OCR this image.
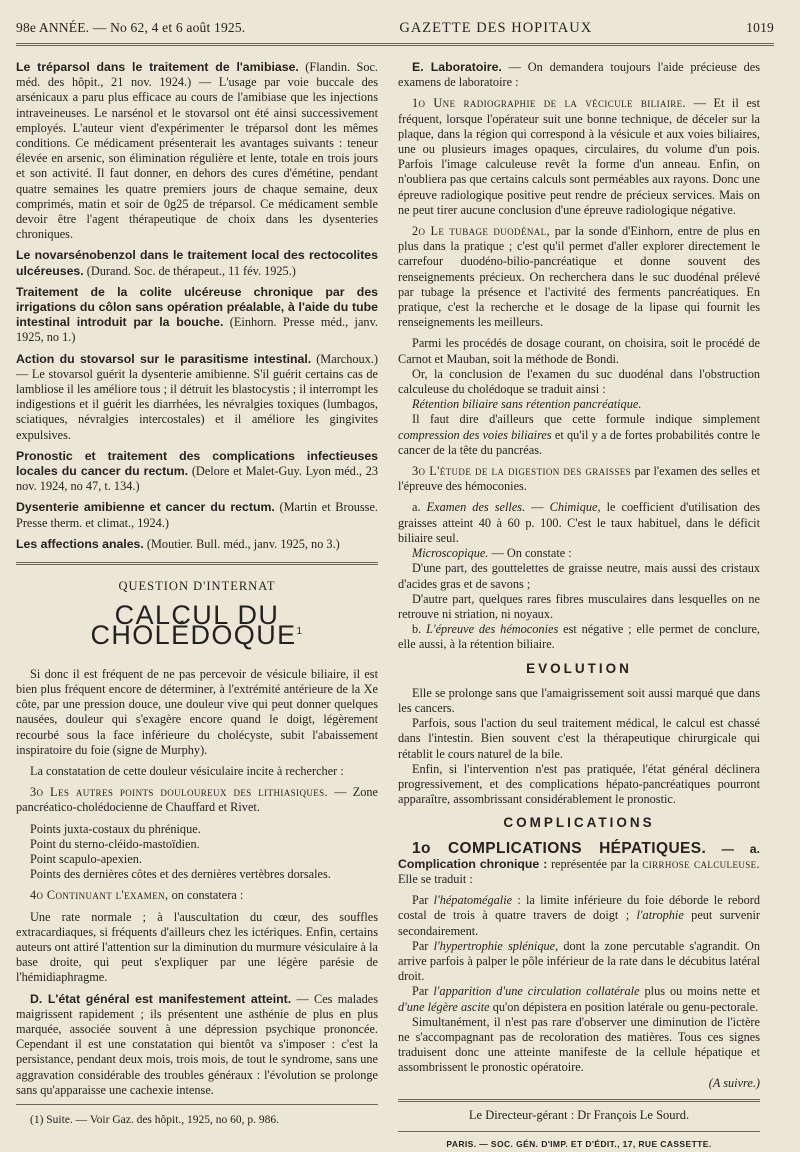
98e ANNÉE. — No 62, 4 et 6 août 1925.	GAZETTE DES HOPITAUX	1019

Le tréparsol dans le traitement de l'amibiase. (Flandin. Soc. méd. des hôpit., 21 nov. 1924.) — L'usage par voie buccale des arsénicaux a paru plus efficace au cours de l'amibiase que les injections intraveineuses. Le narsénol et le stovarsol ont été ainsi successivement employés. L'auteur vient d'expérimenter le tréparsol dont les mêmes conditions. Ce médicament présenterait les avantages suivants : teneur élevée en arsenic, son élimination régulière et lente, totale en trois jours et son activité. Il faut donner, en dehors des cures d'émétine, pendant quatre semaines les quatre premiers jours de chaque semaine, deux comprimés, matin et soir de 0g25 de tréparsol. Ce médicament semble devoir être l'agent thérapeutique de choix dans les dysenteries chroniques.

Le novarsénobenzol dans le traitement local des rectocolites ulcéreuses. (Durand. Soc. de thérapeut., 11 fév. 1925.)

Traitement de la colite ulcéreuse chronique par des irrigations du côlon sans opération préalable, à l'aide du tube intestinal introduit par la bouche. (Einhorn. Presse méd., janv. 1925, no 1.)

Action du stovarsol sur le parasitisme intestinal. (Marchoux.) — Le stovarsol guérit la dysenterie amibienne. S'il guérit certains cas de lambliose il les améliore tous ; il détruit les blastocystis ; il interrompt les indigestions et il guérit les diarrhées, les névralgies toxiques (lumbagos, sciatiques, névralgies intercostales) et il améliore les gingivites expulsives.

Pronostic et traitement des complications infectieuses locales du cancer du rectum. (Delore et Malet-Guy. Lyon méd., 23 nov. 1924, no 47, t. 134.)

Dysenterie amibienne et cancer du rectum. (Martin et Brousse. Presse therm. et climat., 1924.)

Les affections anales. (Moutier. Bull. méd., janv. 1925, no 3.)

QUESTION D'INTERNAT
CALCUL DU CHOLÉDOQUE$^1$

Si donc il est fréquent de ne pas percevoir de vésicule biliaire, il est bien plus fréquent encore de déterminer, à l'extrémité antérieure de la Xe côte, par une pression douce, une douleur vive qui peut donner quelques nausées, douleur qui s'exagère encore quand le doigt, légèrement recourbé sous la face inférieure du cholécyste, subit l'abaissement inspiratoire du foie (signe de Murphy).

La constatation de cette douleur vésiculaire incite à rechercher :

3o Les autres points douloureux des lithiasiques. — Zone pancréatico-cholédocienne de Chauffard et Rivet.

Points juxta-costaux du phrénique.

Point du sterno-cléido-mastoïdien.

Point scapulo-apexien.

Points des dernières côtes et des dernières vertèbres dorsales.

4o Continuant l'examen, on constatera :

Une rate normale ; à l'auscultation du cœur, des souffles extracardiaques, si fréquents d'ailleurs chez les ictériques. Enfin, certains auteurs ont attiré l'attention sur la diminution du murmure vésiculaire à la base droite, qui peut s'expliquer par une légère parésie de l'hémidiaphragme.

D. L'état général est manifestement atteint. — Ces malades maigrissent rapidement ; ils présentent une asthénie de plus en plus marquée, associée souvent à une dépression psychique prononcée. Cependant il est une constatation qui bientôt va s'imposer : c'est la persistance, pendant deux mois, trois mois, de tout le syndrome, sans une aggravation considérable des troubles généraux : l'évolution se prolonge sans qu'apparaisse une cachexie intense.

(1) Suite. — Voir Gaz. des hôpit., 1925, no 60, p. 986.

E. Laboratoire. — On demandera toujours l'aide précieuse des examens de laboratoire :

1o Une radiographie de la vécicule biliaire. — Et il est fréquent, lorsque l'opérateur suit une bonne technique, de déceler sur la plaque, dans la région qui correspond à la vésicule et aux voies biliaires, une ou plusieurs images opaques, circulaires, du volume d'un pois. Parfois l'image calculeuse revêt la forme d'un anneau. Enfin, on n'oubliera pas que certains calculs sont perméables aux rayons. Donc une épreuve radiologique positive peut rendre de précieux services. Mais on ne peut tirer aucune conclusion d'une épreuve radiologique négative.

2o Le tubage duodénal, par la sonde d'Einhorn, entre de plus en plus dans la pratique ; c'est qu'il permet d'aller explorer directement le carrefour duodéno-bilio-pancréatique et donne souvent des renseignements précieux. On recherchera dans le suc duodénal prélevé par tubage la présence et l'activité des ferments pancréatiques. En pratique, c'est la recherche et le dosage de la lipase qui fournit les renseignements les meilleurs.

Parmi les procédés de dosage courant, on choisira, soit le procédé de Carnot et Mauban, soit la méthode de Bondi.

Or, la conclusion de l'examen du suc duodénal dans l'obstruction calculeuse du cholédoque se traduit ainsi :

Rétention biliaire sans rétention pancréatique.

Il faut dire d'ailleurs que cette formule indique simplement compression des voies biliaires et qu'il y a de fortes probabilités contre le cancer de la tête du pancréas.

3o L'étude de la digestion des graisses par l'examen des selles et l'épreuve des hémoconies.

a. Examen des selles. — Chimique, le coefficient d'utilisation des graisses atteint 40 à 60 p. 100. C'est le taux habituel, dans le déficit biliaire seul.

Microscopique. — On constate :

D'une part, des gouttelettes de graisse neutre, mais aussi des cristaux d'acides gras et de savons ;

D'autre part, quelques rares fibres musculaires dans lesquelles on ne retrouve ni striation, ni noyaux.

b. L'épreuve des hémoconies est négative ; elle permet de conclure, elle aussi, à la rétention biliaire.

EVOLUTION

Elle se prolonge sans que l'amaigrissement soit aussi marqué que dans les cancers.

Parfois, sous l'action du seul traitement médical, le calcul est chassé dans l'intestin. Bien souvent c'est la thérapeutique chirurgicale qui rétablit le cours naturel de la bile.

Enfin, si l'intervention n'est pas pratiquée, l'état général déclinera progressivement, et des complications hépato-pancréatiques pourront apparaître, assombrissant considérablement le pronostic.

COMPLICATIONS

1o COMPLICATIONS HÉPATIQUES. — a. Complication chronique : représentée par la cirrhose calculeuse. Elle se traduit :

Par l'hépatomégalie : la limite inférieure du foie déborde le rebord costal de trois à quatre travers de doigt ; l'atrophie peut survenir secondairement.

Par l'hypertrophie splénique, dont la zone percutable s'agrandit. On arrive parfois à palper le pôle inférieur de la rate dans le décubitus latéral droit.

Par l'apparition d'une circulation collatérale plus ou moins nette et d'une légère ascite qu'on dépistera en position latérale ou genu-pectorale.

Simultanément, il n'est pas rare d'observer une diminution de l'ictère ne s'accompagnant pas de recoloration des matières. Tous ces signes traduisent donc une atteinte manifeste de la cellule hépatique et assombrissent le pronostic opératoire.

(A suivre.)

Le Directeur-gérant : Dr François Le Sourd.
PARIS. — SOC. GÉN. D'IMP. ET D'ÉDIT., 17, RUE CASSETTE.
